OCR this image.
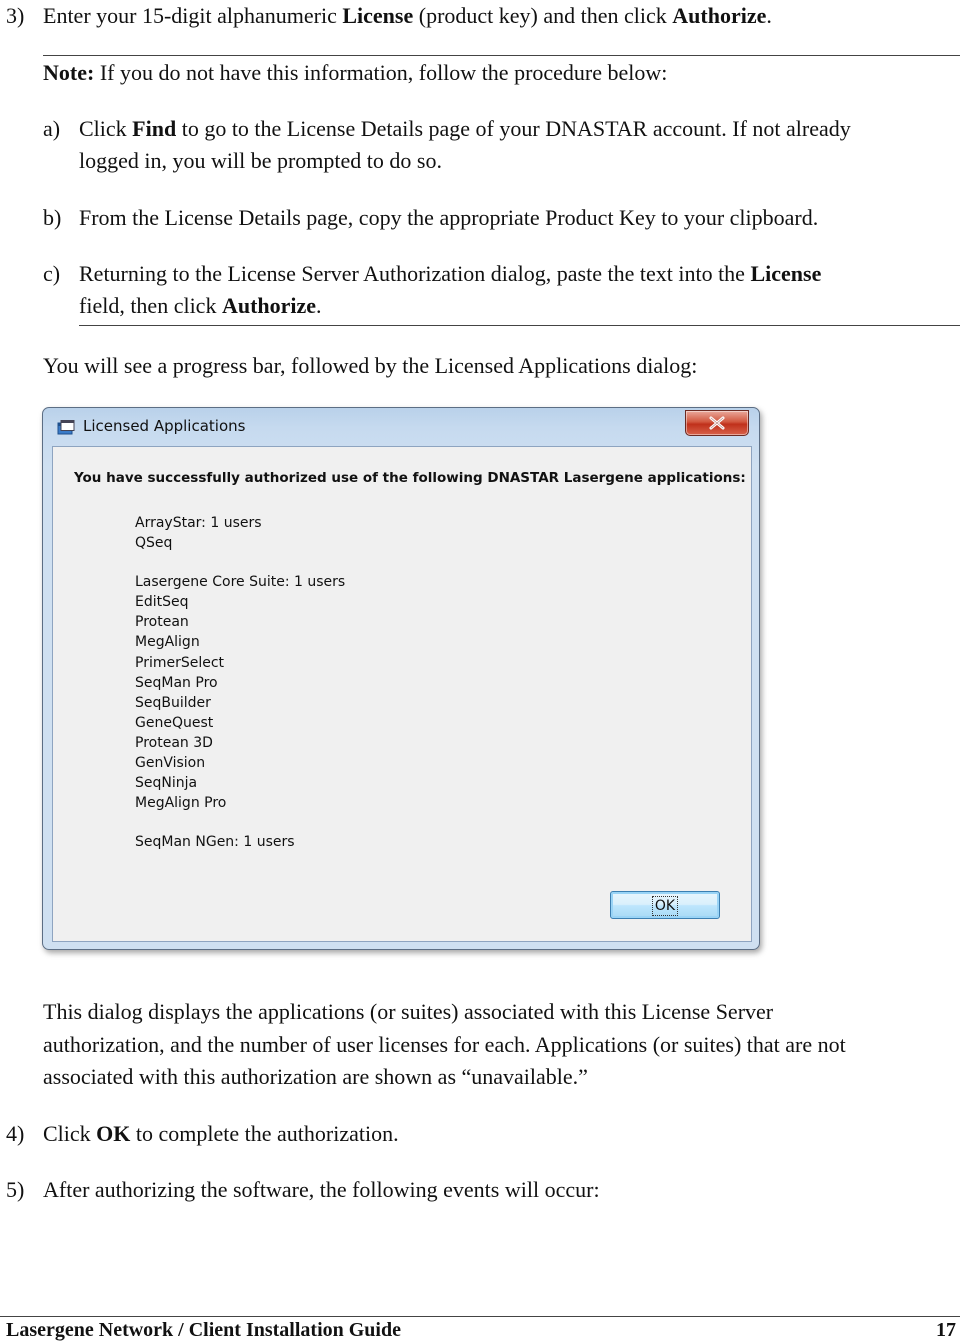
3) Enter your 15-digit alphanumeric License (product key) and then click Authorize.
Note: If you do not have this information, follow the procedure below:
a) Click Find to go to the License Details page of your DNASTAR account. If not already
logged in, you will be prompted to do so.
b) From the License Details page, copy the appropriate Product Key to your clipboard.
c) Returning to the License Server Authorization dialog, paste the text into the License
field, then click Authorize.
You will see a progress bar, followed by the Licensed Applications dialog:
Licensed Applications
You have successfully authorized use of the following DNASTAR Lasergene applications:
ArrayStar: 1 users
QSeq
Lasergene Core Suite: 1 users
EditSeq
Protean
MegAlign
PrimerSelect
SeqMan Pro
SeqBuilder
GeneQuest
Protean 3D
GenVision
SeqNinja
MegAlign Pro
SeqMan NGen: 1 users
OK
This dialog displays the applications (or suites) associated with this License Server
authorization, and the number of user licenses for each. Applications (or suites) that are not
associated with this authorization are shown as “unavailable.”
4) Click OK to complete the authorization.
5) After authorizing the software, the following events will occur:
Lasergene Network / Client Installation Guide	17
